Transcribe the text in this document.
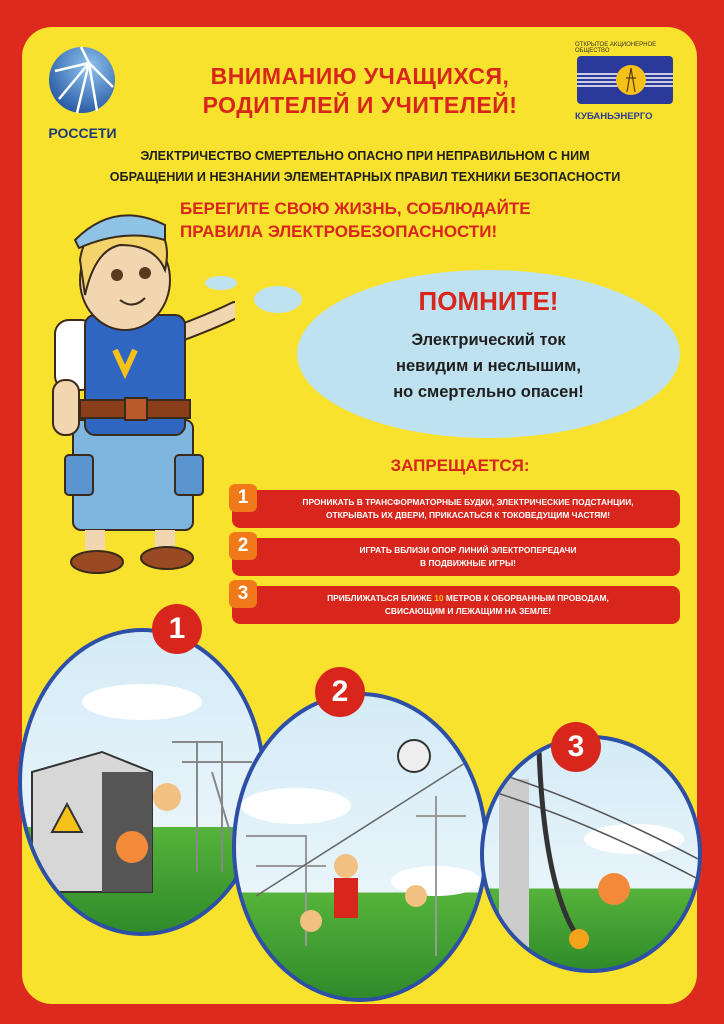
РОССЕТИ
ВНИМАНИЮ УЧАЩИХСЯ,
РОДИТЕЛЕЙ И УЧИТЕЛЕЙ!
ОТКРЫТОЕ АКЦИОНЕРНОЕ
ОБЩЕСТВО
КУБАНЬЭНЕРГО
ЭЛЕКТРИЧЕСТВО СМЕРТЕЛЬНО ОПАСНО ПРИ НЕПРАВИЛЬНОМ С НИМ
ОБРАЩЕНИИ И НЕЗНАНИИ ЭЛЕМЕНТАРНЫХ ПРАВИЛ ТЕХНИКИ БЕЗОПАСНОСТИ
БЕРЕГИТЕ СВОЮ ЖИЗНЬ, СОБЛЮДАЙТЕ
ПРАВИЛА ЭЛЕКТРОБЕЗОПАСНОСТИ!
ПОМНИТЕ!
Электрический ток
невидим и неслышим,
но смертельно опасен!
ЗАПРЕЩАЕТСЯ:
ПРОНИКАТЬ В ТРАНСФОРМАТОРНЫЕ БУДКИ, ЭЛЕКТРИЧЕСКИЕ ПОДСТАНЦИИ,
ОТКРЫВАТЬ ИХ ДВЕРИ, ПРИКАСАТЬСЯ К ТОКОВЕДУЩИМ ЧАСТЯМ!
1
ИГРАТЬ ВБЛИЗИ ОПОР ЛИНИЙ ЭЛЕКТРОПЕРЕДАЧИ
В ПОДВИЖНЫЕ ИГРЫ!
2
ПРИБЛИЖАТЬСЯ БЛИЖЕ 10 МЕТРОВ К ОБОРВАННЫМ ПРОВОДАМ,
СВИСАЮЩИМ И ЛЕЖАЩИМ НА ЗЕМЛЕ!
3
1
2
3
